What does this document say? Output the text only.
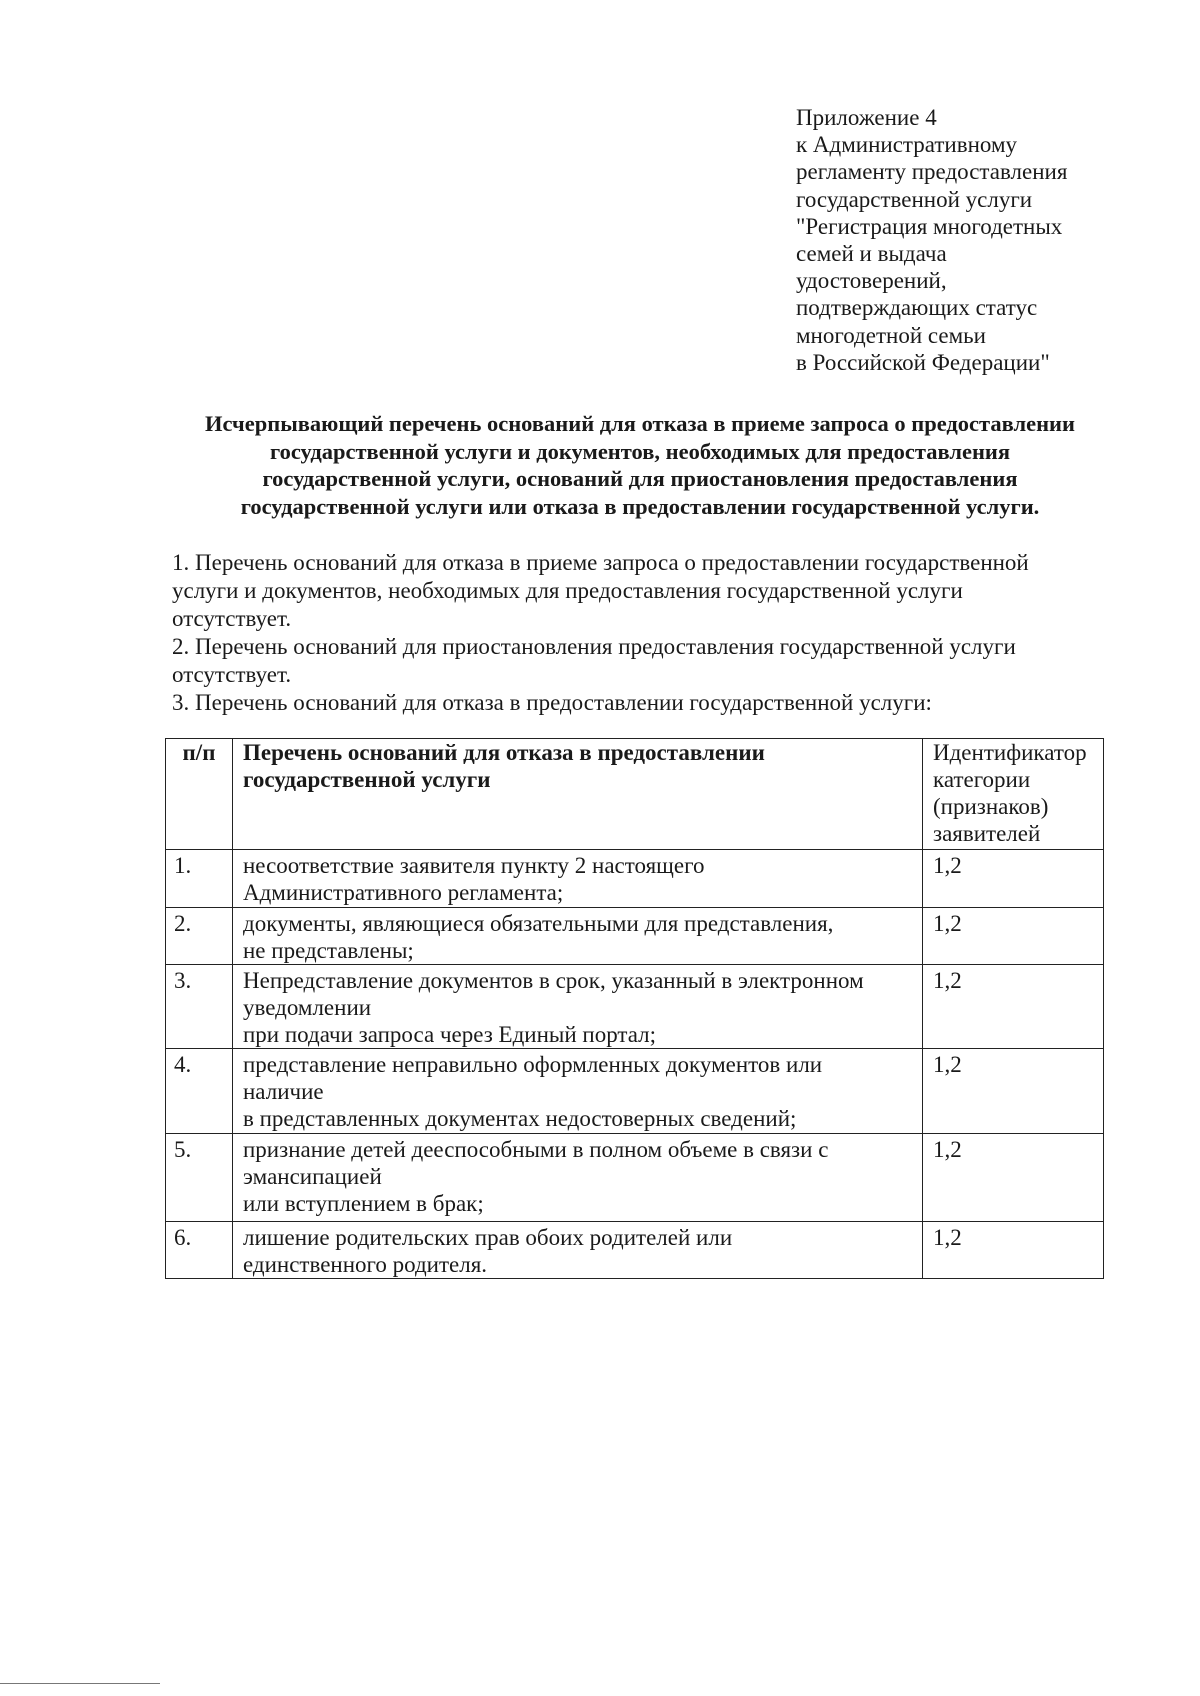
Приложение 4
к Административному
регламенту предоставления
государственной услуги
"Регистрация многодетных
семей и выдача
удостоверений,
подтверждающих статус
многодетной семьи
в Российской Федерации"
Исчерпывающий перечень оснований для отказа в приеме запроса о предоставлении
государственной услуги и документов, необходимых для предоставления
государственной услуги, оснований для приостановления предоставления
государственной услуги или отказа в предоставлении государственной услуги.
1. Перечень оснований для отказа в приеме запроса о предоставлении государственной
услуги и документов, необходимых для предоставления государственной услуги
отсутствует.
2. Перечень оснований для приостановления предоставления государственной услуги
отсутствует.
3. Перечень оснований для отказа в предоставлении государственной услуги:
п/п	Перечень оснований для отказа в предоставлении государственной услуги	Идентификатор
категории
(признаков)
заявителей

1.	несоответствие заявителя пункту 2 настоящего
Административного регламента;	1,2
2.	документы, являющиеся обязательными для представления,
не представлены;	1,2
3.	Непредставление документов в срок, указанный в электронном
уведомлении
при подачи запроса через Единый портал;	1,2
4.	представление неправильно оформленных документов или
наличие
в представленных документах недостоверных сведений;	1,2
5.	признание детей дееспособными в полном объеме в связи с
эмансипацией
или вступлением в брак;	1,2
6.	лишение родительских прав обоих родителей или
единственного родителя.	1,2
